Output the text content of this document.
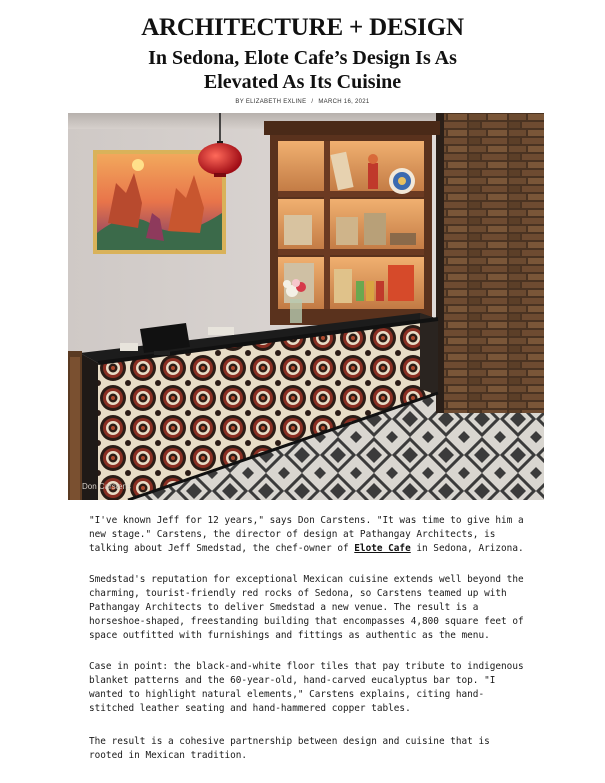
ARCHITECTURE + DESIGN
In Sedona, Elote Cafe’s Design Is As
Elevated As Its Cuisine
BY ELIZABETH EXLINE / MARCH 16, 2021
Don Carstens

"I've known Jeff for 12 years," says Don Carstens. "It was time to give him a new stage." Carstens, the director of design at Pathangay Architects, is talking about Jeff Smedstad, the chef-owner of Elote Cafe in Sedona, Arizona.

Smedstad's reputation for exceptional Mexican cuisine extends well beyond the charming, tourist-friendly red rocks of Sedona, so Carstens teamed up with Pathangay Architects to deliver Smedstad a new venue. The result is a horseshoe-shaped, freestanding building that encompasses 4,800 square feet of space outfitted with furnishings and fittings as authentic as the menu.

Case in point: the black-and-white floor tiles that pay tribute to indigenous blanket patterns and the 60-year-old, hand-carved eucalyptus bar top. "I wanted to highlight natural elements," Carstens explains, citing hand-stitched leather seating and hand-hammered copper tables.

The result is a cohesive partnership between design and cuisine that is rooted in Mexican tradition.
